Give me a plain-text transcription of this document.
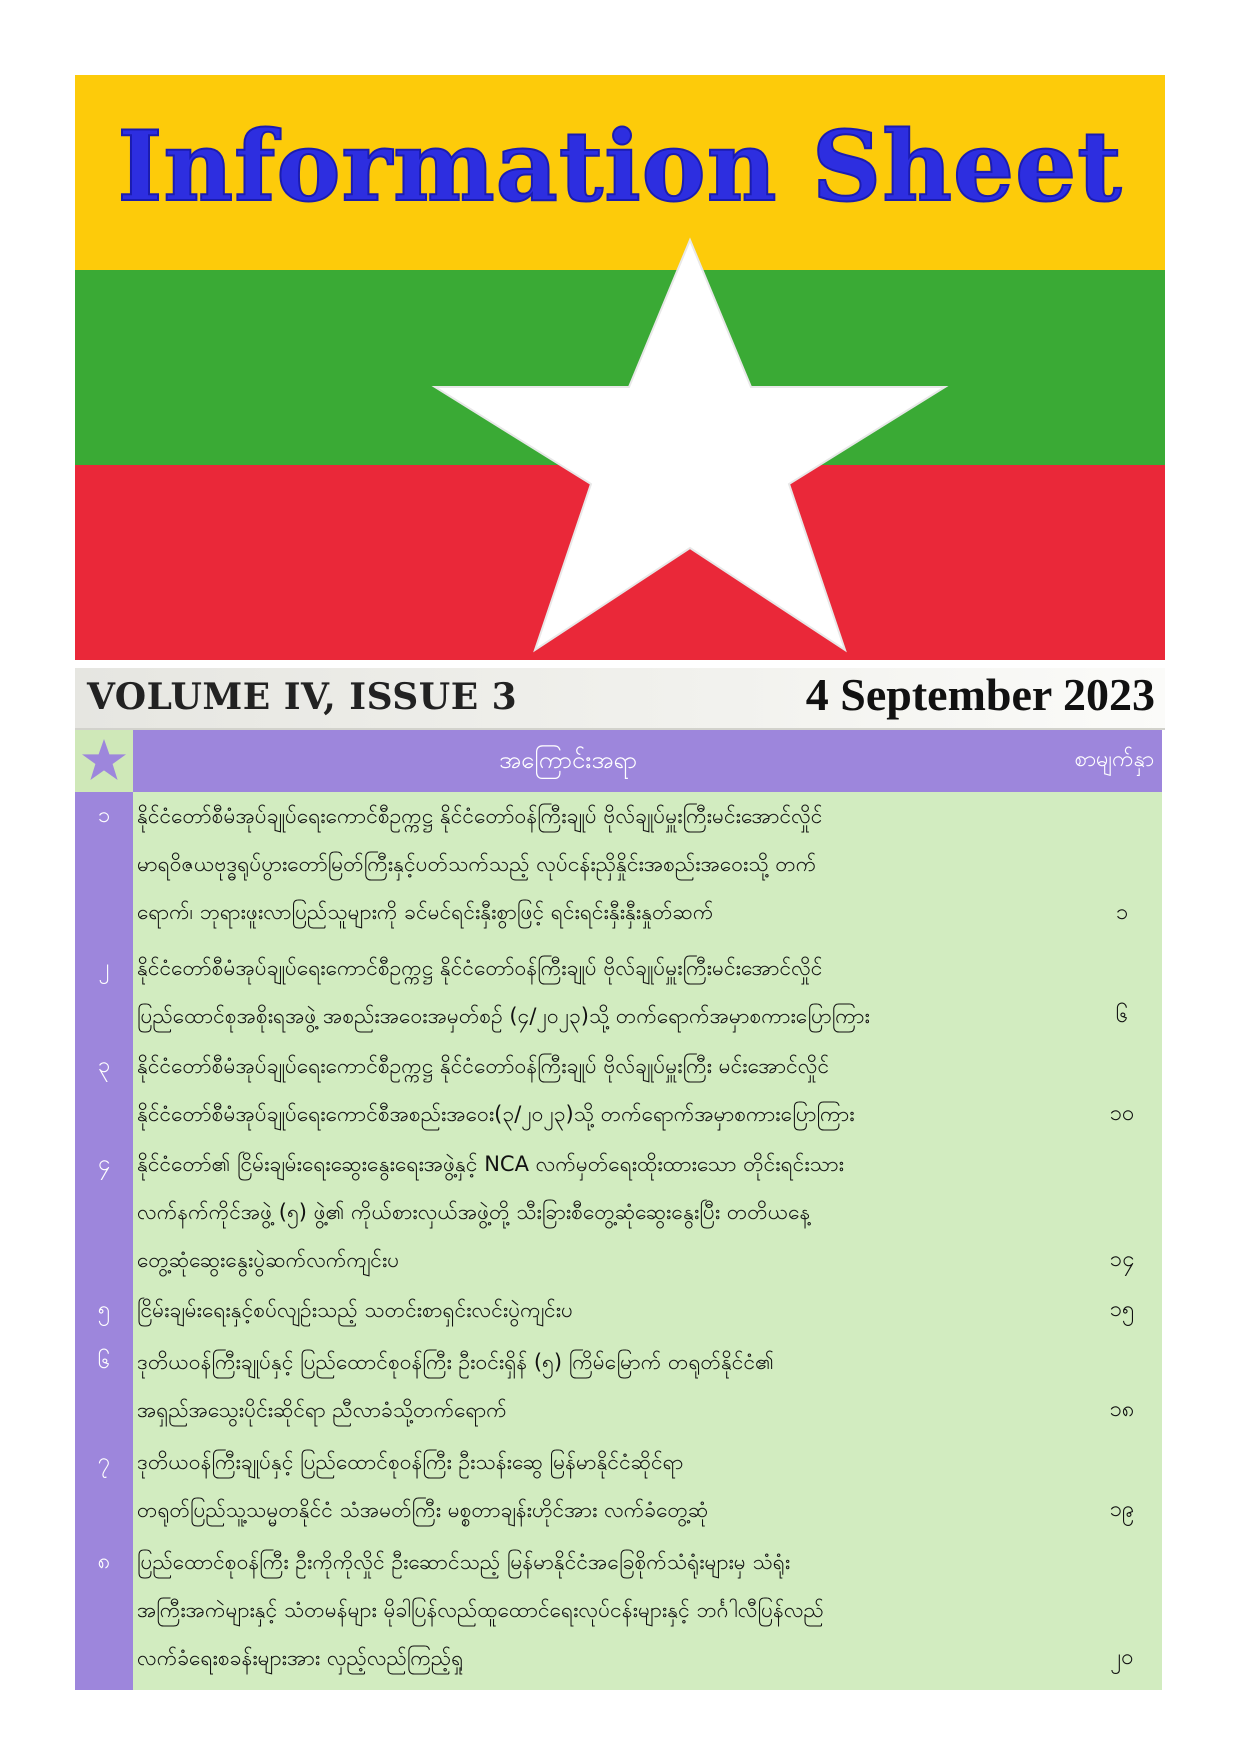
Information Sheet
VOLUME IV, ISSUE 3	4 September 2023
အကြောင်းအရာ	စာမျက်နှာ
၁	နိုင်ငံတော်စီမံအုပ်ချုပ်ရေးကောင်စီဥက္ကဋ္ဌ နိုင်ငံတော်ဝန်ကြီးချုပ် ဗိုလ်ချုပ်မှူးကြီးမင်းအောင်လှိုင်
မာရဝိဇယဗုဒ္ဓရုပ်ပွားတော်မြတ်ကြီးနှင့်ပတ်သက်သည့် လုပ်ငန်းညှိနှိုင်းအစည်းအဝေးသို့ တက်
ရောက်၊ ဘုရားဖူးလာပြည်သူများကို ခင်မင်ရင်းနှီးစွာဖြင့် ရင်းရင်းနှီးနှီးနှုတ်ဆက်	၁
၂	နိုင်ငံတော်စီမံအုပ်ချုပ်ရေးကောင်စီဥက္ကဋ္ဌ နိုင်ငံတော်ဝန်ကြီးချုပ် ဗိုလ်ချုပ်မှူးကြီးမင်းအောင်လှိုင်
ပြည်ထောင်စုအစိုးရအဖွဲ့ အစည်းအဝေးအမှတ်စဉ် (၄/၂၀၂၃)သို့ တက်ရောက်အမှာစကားပြောကြား	၆
၃	နိုင်ငံတော်စီမံအုပ်ချုပ်ရေးကောင်စီဥက္ကဋ္ဌ နိုင်ငံတော်ဝန်ကြီးချုပ် ဗိုလ်ချုပ်မှူးကြီး မင်းအောင်လှိုင်
နိုင်ငံတော်စီမံအုပ်ချုပ်ရေးကောင်စီအစည်းအဝေး(၃/၂၀၂၃)သို့ တက်ရောက်အမှာစကားပြောကြား	၁၀
၄	နိုင်ငံတော်၏ ငြိမ်းချမ်းရေးဆွေးနွေးရေးအဖွဲ့နှင့် NCA လက်မှတ်ရေးထိုးထားသော တိုင်းရင်းသား
လက်နက်ကိုင်အဖွဲ့ (၅) ဖွဲ့၏ ကိုယ်စားလှယ်အဖွဲ့တို့ သီးခြားစီတွေ့ဆုံဆွေးနွေးပြီး တတိယနေ့
တွေ့ဆုံဆွေးနွေးပွဲဆက်လက်ကျင်းပ	၁၄
၅	ငြိမ်းချမ်းရေးနှင့်စပ်လျဉ်းသည့် သတင်းစာရှင်းလင်းပွဲကျင်းပ	၁၅
၆	ဒုတိယဝန်ကြီးချုပ်နှင့် ပြည်ထောင်စုဝန်ကြီး ဦးဝင်းရှိန် (၅) ကြိမ်မြောက် တရုတ်နိုင်ငံ၏
အရှည်အသွေးပိုင်းဆိုင်ရာ ညီလာခံသို့တက်ရောက်	၁၈
၇	ဒုတိယဝန်ကြီးချုပ်နှင့် ပြည်ထောင်စုဝန်ကြီး ဦးသန်းဆွေ မြန်မာနိုင်ငံဆိုင်ရာ
တရုတ်ပြည်သူ့သမ္မတနိုင်ငံ သံအမတ်ကြီး မစ္စတာချန်းဟိုင်အား လက်ခံတွေ့ဆုံ	၁၉
၈	ပြည်ထောင်စုဝန်ကြီး ဦးကိုကိုလှိုင် ဦးဆောင်သည့် မြန်မာနိုင်ငံအခြေစိုက်သံရုံးများမှ သံရုံး
အကြီးအကဲများနှင့် သံတမန်များ မိုခါပြန်လည်ထူထောင်ရေးလုပ်ငန်းများနှင့် ဘင်္ဂါလီပြန်လည်
လက်ခံရေးစခန်းများအား လှည့်လည်ကြည့်ရှု	၂၀
